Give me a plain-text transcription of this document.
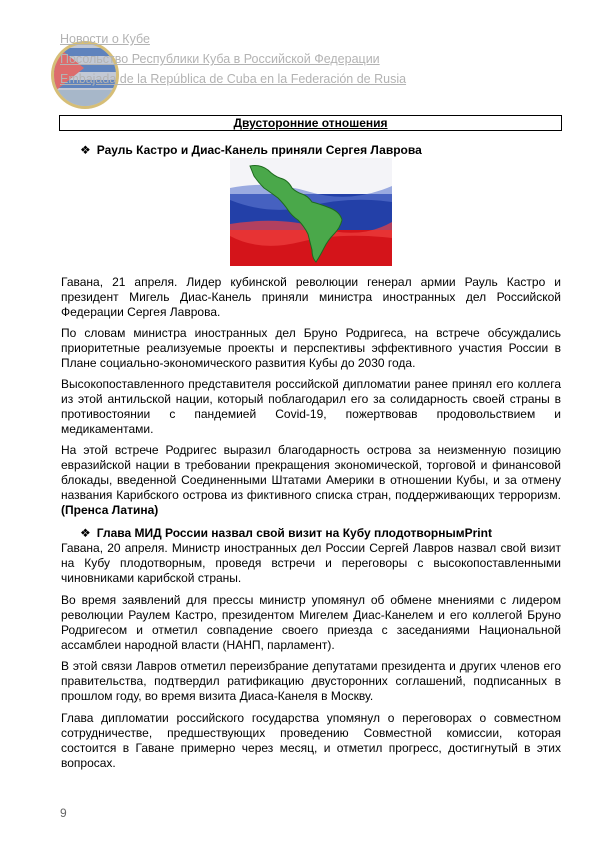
Новости о Кубе
Посольство Республики Куба в Российской Федерации
Embajada de la República de Cuba en la Federación de Rusia
Двусторонние отношения
❖ Рауль Кастро и Диас-Канель приняли Сергея Лаврова

Гавана, 21 апреля. Лидер кубинской революции генерал армии Рауль Кастро и президент Мигель Диас-Канель приняли министра иностранных дел Российской Федерации Сергея Лаврова.

По словам министра иностранных дел Бруно Родригеса, на встрече обсуждались приоритетные реализуемые проекты и перспективы эффективного участия России в Плане социально-экономического развития Кубы до 2030 года.

Высокопоставленного представителя российской дипломатии ранее принял его коллега из этой антильской нации, который поблагодарил его за солидарность своей страны в противостоянии с пандемией Covid-19, пожертвовав продовольствием и медикаментами.

На этой встрече Родригес выразил благодарность острова за неизменную позицию евразийской нации в требовании прекращения экономической, торговой и финансовой блокады, введенной Соединенными Штатами Америки в отношении Кубы, и за отмену названия Карибского острова из фиктивного списка стран, поддерживающих терроризм. (Пренса Латина)

❖ Глава МИД России назвал свой визит на Кубу плодотворнымPrint

Гавана, 20 апреля. Министр иностранных дел России Сергей Лавров назвал свой визит на Кубу плодотворным, проведя встречи и переговоры с высокопоставленными чиновниками карибской страны.

Во время заявлений для прессы министр упомянул об обмене мнениями с лидером революции Раулем Кастро, президентом Мигелем Диас-Канелем и его коллегой Бруно Родригесом и отметил совпадение своего приезда с заседаниями Национальной ассамблеи народной власти (НАНП, парламент).

В этой связи Лавров отметил переизбрание депутатами президента и других членов его правительства, подтвердил ратификацию двусторонних соглашений, подписанных в прошлом году, во время визита Диаса-Канеля в Москву.

Глава дипломатии российского государства упомянул о переговорах о совместном сотрудничестве, предшествующих проведению Совместной комиссии, которая состоится в Гаване примерно через месяц, и отметил прогресс, достигнутый в этих вопросах.

9
